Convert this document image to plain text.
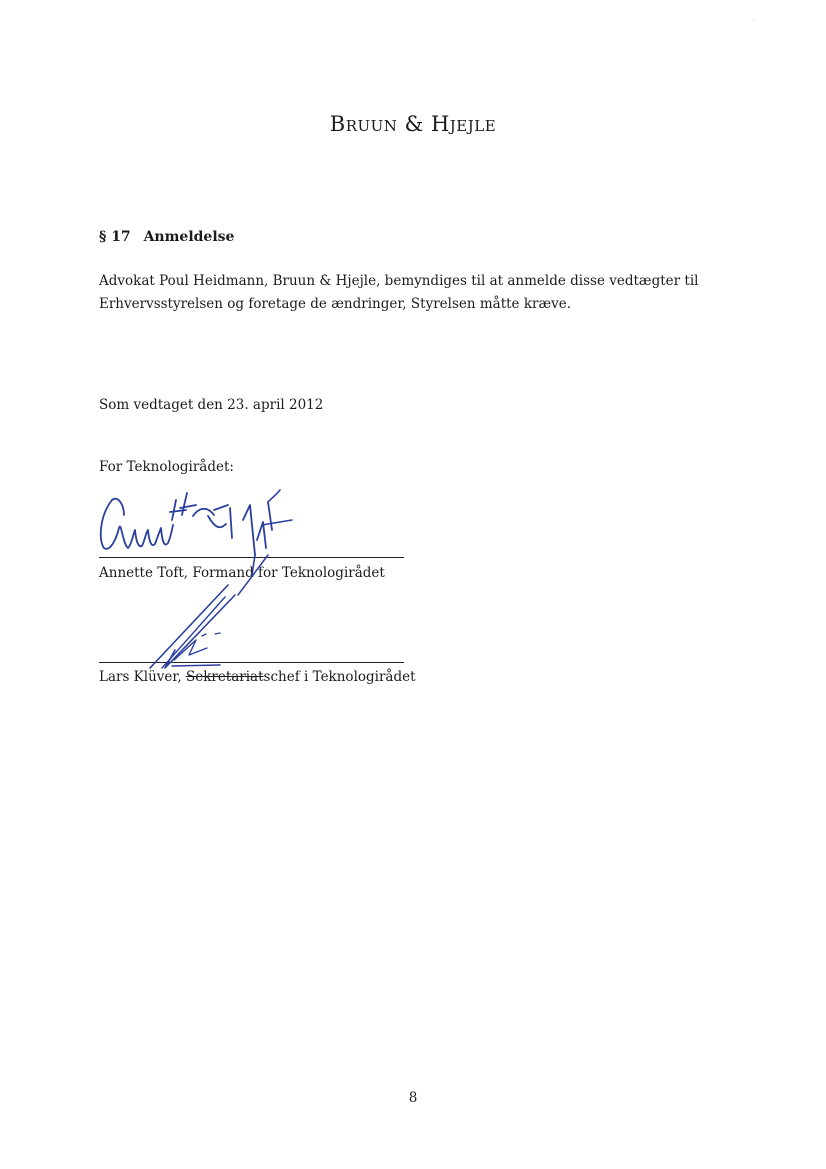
⸍
Bruun & Hjejle
§ 17 Anmeldelse
Advokat Poul Heidmann, Bruun & Hjejle, bemyndiges til at anmelde disse vedtægter til Erhvervsstyrelsen og foretage de ændringer, Styrelsen måtte kræve.
Som vedtaget den 23. april 2012
For Teknologirådet:
Annette Toft, Formand for Teknologirådet
Lars Klüver, Sekretariatschef i Teknologirådet
8
